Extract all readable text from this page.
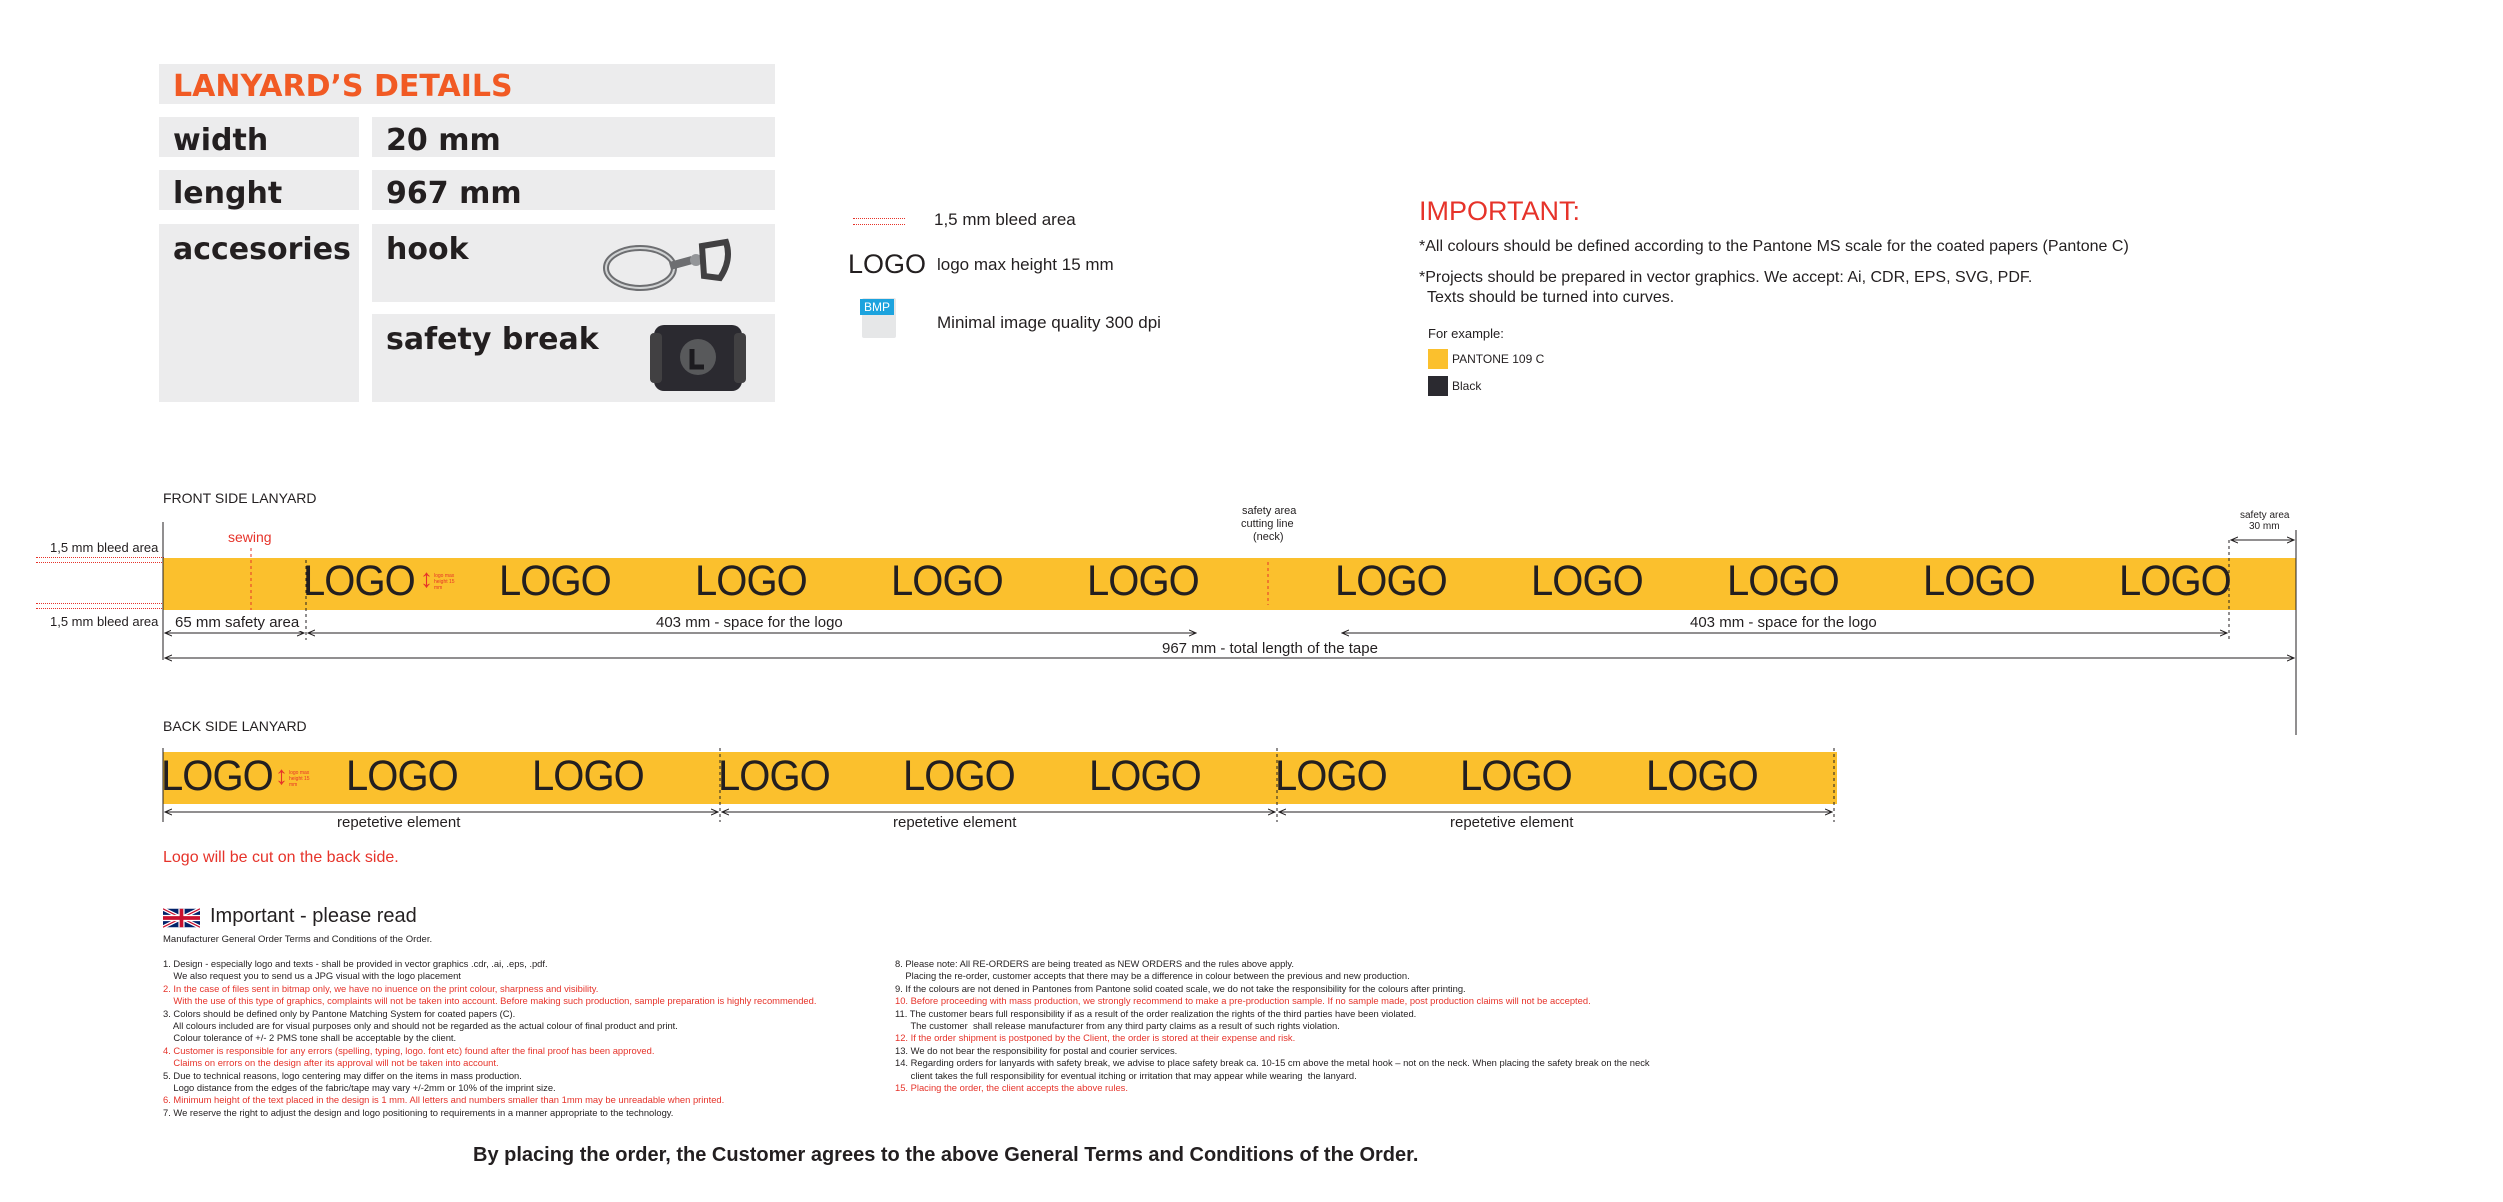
LANYARD’S DETAILS
width	20 mm
lenght	967 mm
accesories hook
safety break
1,5 mm bleed area
LOGO logo max height 15 mm
BMP
Minimal image quality 300 dpi
IMPORTANT:
*All colours should be defined according to the Pantone MS scale for the coated papers (Pantone C)
*Projects should be prepared in vector graphics. We accept: Ai, CDR, EPS, SVG, PDF.
Texts should be turned into curves.
For example:
PANTONE 109 C
Black
FRONT SIDE LANYARD
1,5 mm bleed area
1,5 mm bleed area
sewing
safety area
cutting line
(neck)
safety area
30 mm
LOGO LOGO LOGO LOGO LOGO	LOGO LOGO LOGO LOGO LOGO
↕ logo max height 15 mm
65 mm safety area	403 mm - space for the logo	403 mm - space for the logo
967 mm - total length of the tape
BACK SIDE LANYARD
LOGO LOGO LOGO LOGO LOGO LOGO LOGO LOGO LOGO
↕ logo max height 15 mm
repetetive element	repetetive element	repetetive element
Logo will be cut on the back side.
Important - please read
Manufacturer General Order Terms and Conditions of the Order.
1. Design - especially logo and texts - shall be provided in vector graphics .cdr, .ai, .eps, .pdf.
We also request you to send us a JPG visual with the logo placement
2. In the case of files sent in bitmap only, we have no inuence on the print colour, sharpness and visibility.
With the use of this type of graphics, complaints will not be taken into account. Before making such production, sample preparation is highly recommended.
3. Colors should be defined only by Pantone Matching System for coated papers (C).
All colours included are for visual purposes only and should not be regarded as the actual colour of final product and print.
Colour tolerance of +/- 2 PMS tone shall be acceptable by the client.
4. Customer is responsible for any errors (spelling, typing, logo. font etc) found after the final proof has been approved.
Claims on errors on the design after its approval will not be taken into account.
5. Due to technical reasons, logo centering may differ on the items in mass production.
Logo distance from the edges of the fabric/tape may vary +/-2mm or 10% of the imprint size.
6. Minimum height of the text placed in the design is 1 mm. All letters and numbers smaller than 1mm may be unreadable when printed.
7. We reserve the right to adjust the design and logo positioning to requirements in a manner appropriate to the technology.
8. Please note: All RE-ORDERS are being treated as NEW ORDERS and the rules above apply.
Placing the re-order, customer accepts that there may be a difference in colour between the previous and new production.
9. If the colours are not dened in Pantones from Pantone solid coated scale, we do not take the responsibility for the colours after printing.
10. Before proceeding with mass production, we strongly recommend to make a pre-production sample. If no sample made, post production claims will not be accepted.
11. The customer bears full responsibility if as a result of the order realization the rights of the third parties have been violated.
The customer  shall release manufacturer from any third party claims as a result of such rights violation.
12. If the order shipment is postponed by the Client, the order is stored at their expense and risk.
13. We do not bear the responsibility for postal and courier services.
14. Regarding orders for lanyards with safety break, we advise to place safety break ca. 10-15 cm above the metal hook – not on the neck. When placing the safety break on the neck
client takes the full responsibility for eventual itching or irritation that may appear while wearing  the lanyard.
15. Placing the order, the client accepts the above rules.
By placing the order, the Customer agrees to the above General Terms and Conditions of the Order.
